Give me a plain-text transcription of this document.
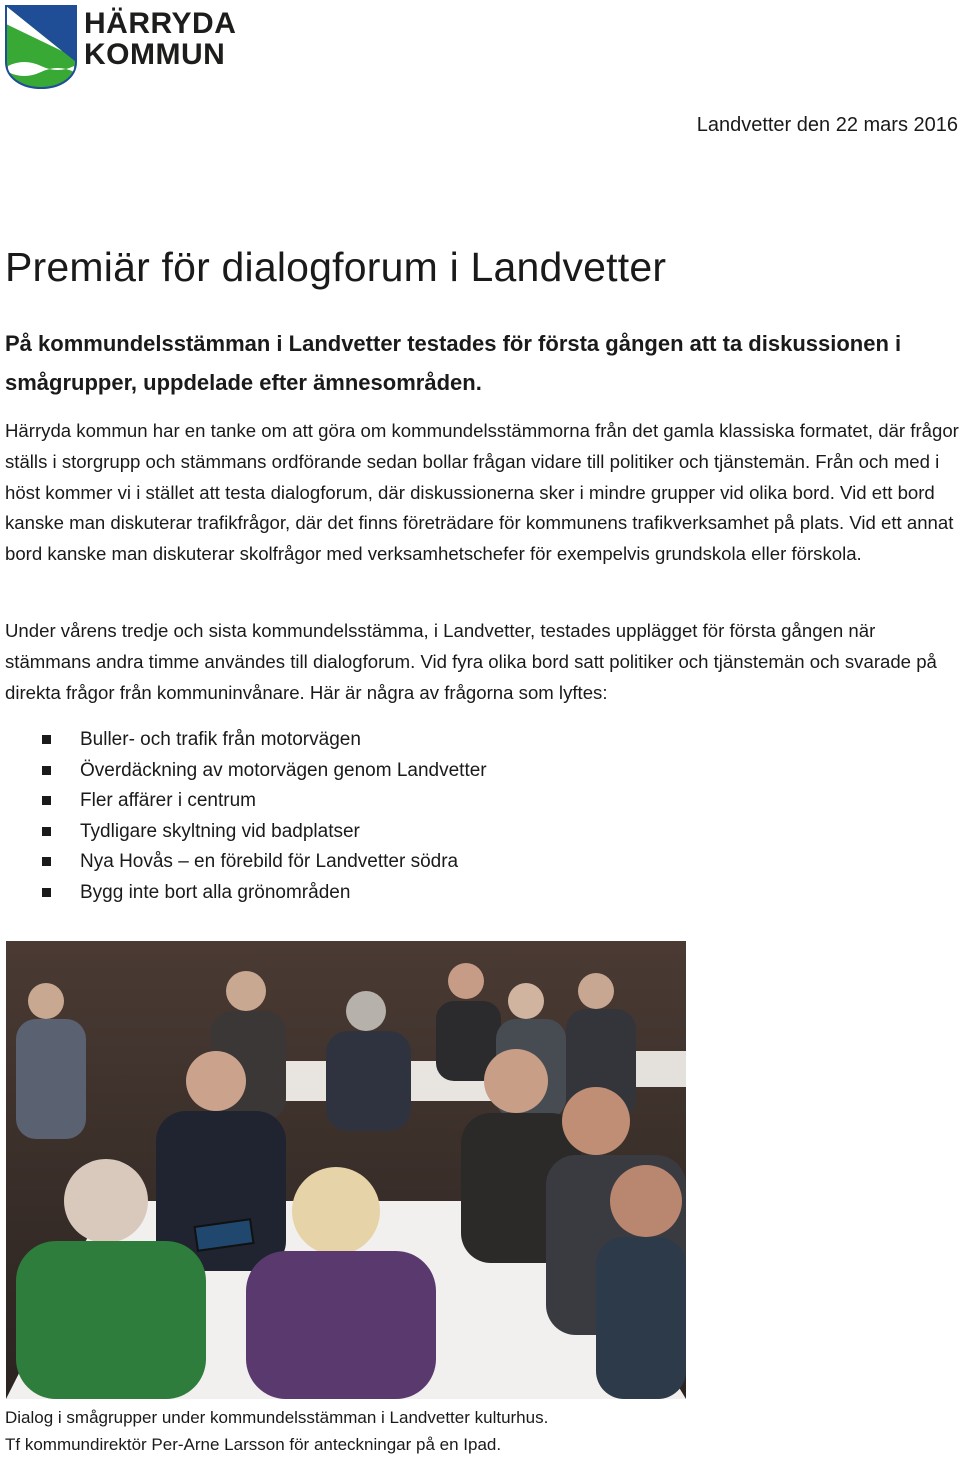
HÄRRYDA
KOMMUN
Landvetter den 22 mars 2016
Premiär för dialogforum i Landvetter

På kommundelsstämman i Landvetter testades för första gången att ta diskussionen i smågrupper, uppdelade efter ämnesområden.

Härryda kommun har en tanke om att göra om kommundelsstämmorna från det gamla klassiska formatet, där frågor ställs i storgrupp och stämmans ordförande sedan bollar frågan vidare till politiker och tjänstemän. Från och med i höst kommer vi i stället att testa dialogforum, där diskussionerna sker i mindre grupper vid olika bord. Vid ett bord kanske man diskuterar trafikfrågor, där det finns företrädare för kommunens trafikverksamhet på plats. Vid ett annat bord kanske man diskuterar skolfrågor med verksamhetschefer för exempelvis grundskola eller förskola.

Under vårens tredje och sista kommundelsstämma, i Landvetter, testades upplägget för första gången när stämmans andra timme användes till dialogforum. Vid fyra olika bord satt politiker och tjänstemän och svarade på direkta frågor från kommuninvånare. Här är några av frågorna som lyftes:

Buller- och trafik från motorvägen
Överdäckning av motorvägen genom Landvetter
Fler affärer i centrum
Tydligare skyltning vid badplatser
Nya Hovås – en förebild för Landvetter södra
Bygg inte bort alla grönområden
Dialog i smågrupper under kommundelsstämman i Landvetter kulturhus.
Tf kommundirektör Per-Arne Larsson för anteckningar på en Ipad.
